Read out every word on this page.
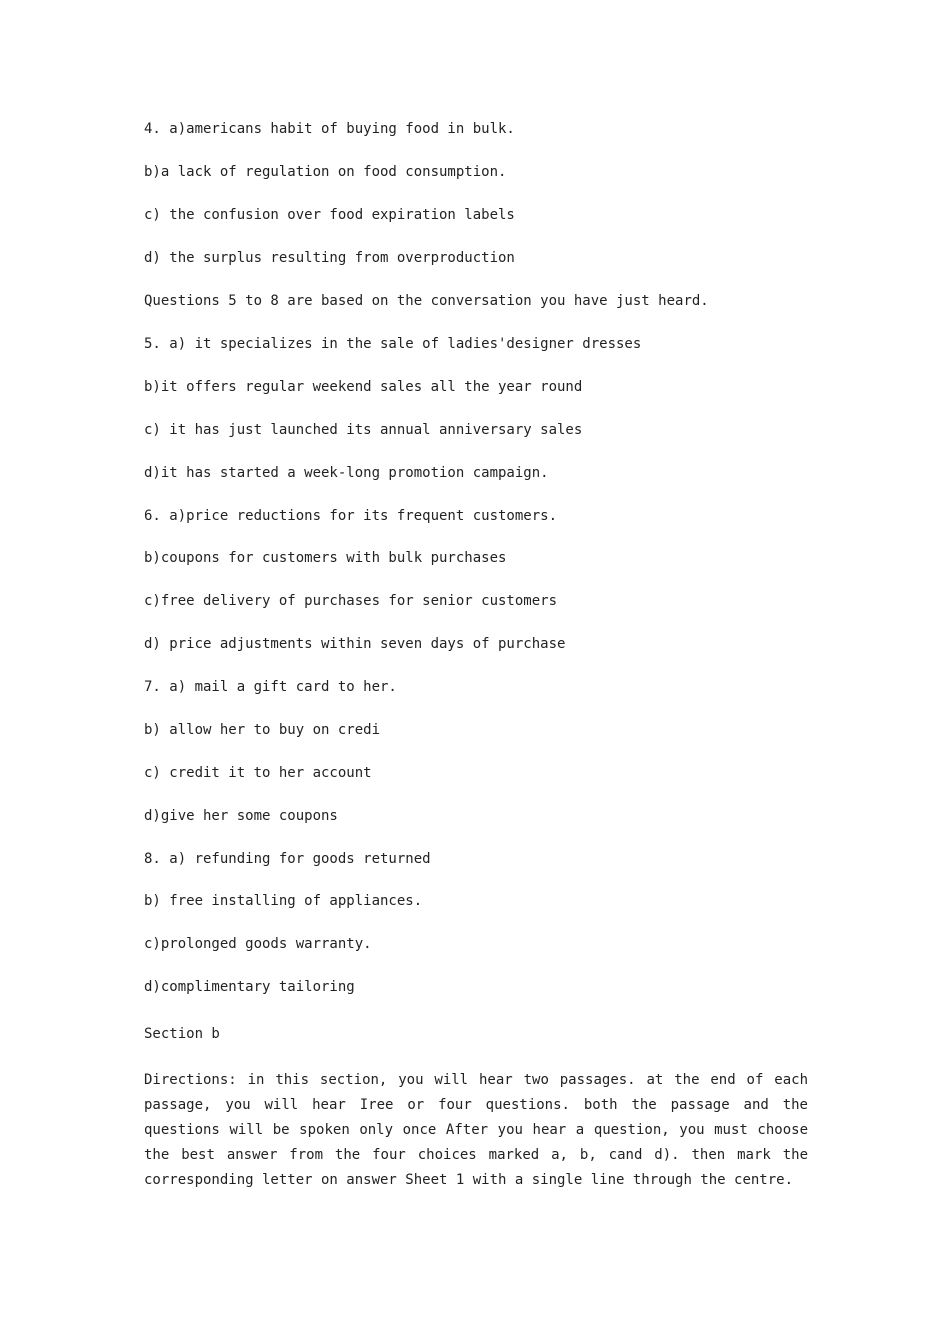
4. a)americans habit of buying food in bulk.

b)a lack of regulation on food consumption.

c) the confusion over food expiration labels

d) the surplus resulting from overproduction

Questions 5 to 8 are based on the conversation you have just heard.

5. a) it specializes in the sale of ladies'designer dresses

b)it offers regular weekend sales all the year round

c) it has just launched its annual anniversary sales

d)it has started a week-long promotion campaign.

6. a)price reductions for its frequent customers.

b)coupons for customers with bulk purchases

c)free delivery of purchases for senior customers

d) price adjustments within seven days of purchase

7. a) mail a gift card to her.

b) allow her to buy on credi

c) credit it to her account

d)give her some coupons

8. a) refunding for goods returned

b) free installing of appliances.

c)prolonged goods warranty.

d)complimentary tailoring

Section b

Directions: in this section, you will hear two passages. at the end of each passage, you will hear Iree or four questions. both the passage and the questions will be spoken only once After you hear a question, you must choose the best answer from the four choices marked a, b, cand d). then mark the corresponding letter on answer Sheet 1 with a single line through the centre.
